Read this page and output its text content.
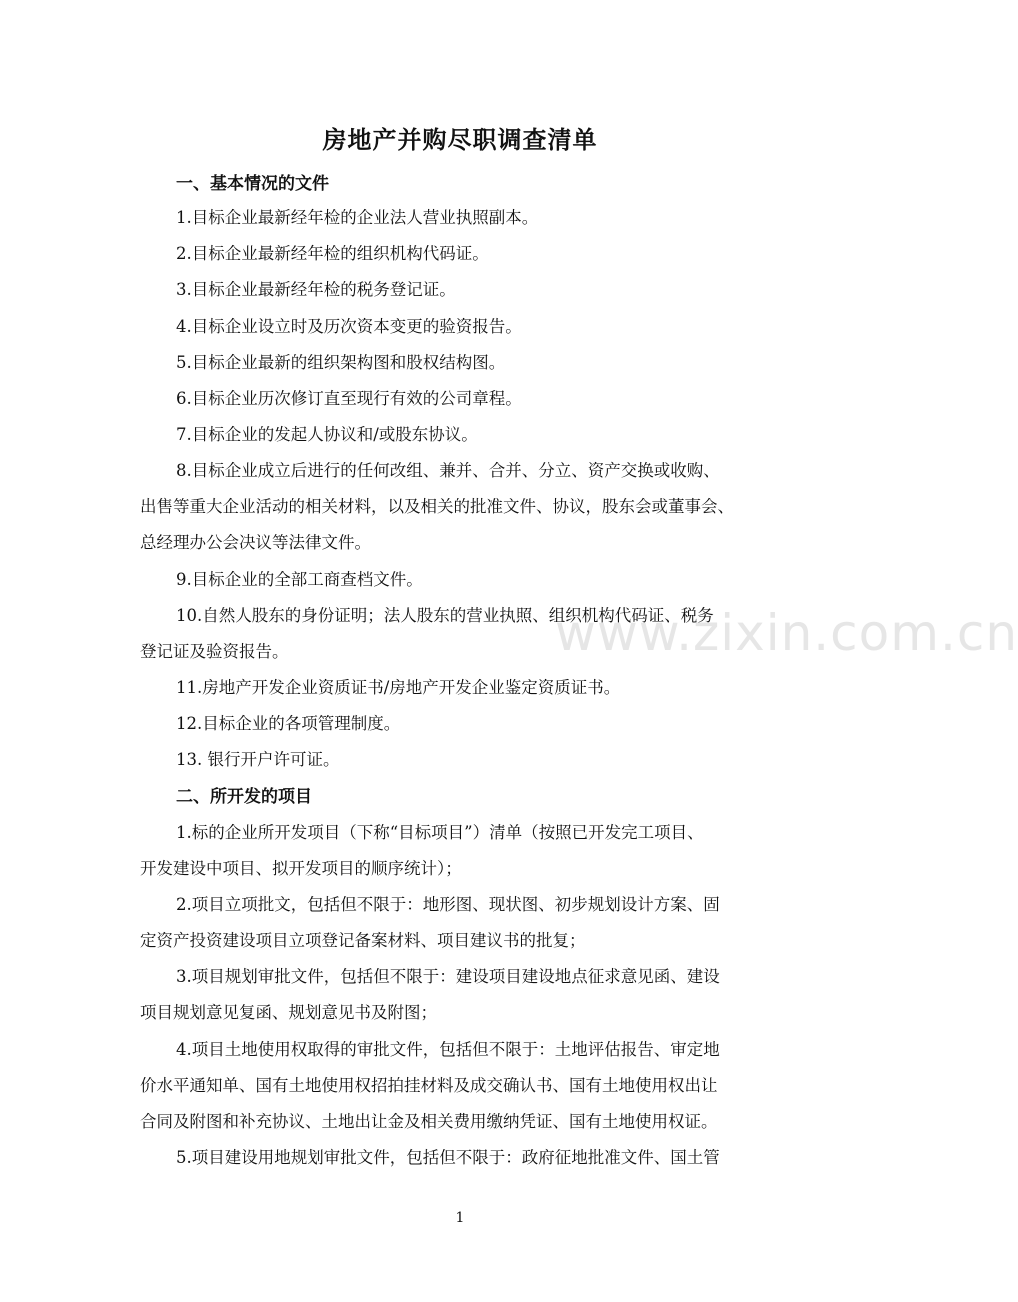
房地产并购尽职调查清单
一、基本情况的文件
1.目标企业最新经年检的企业法人营业执照副本。
2.目标企业最新经年检的组织机构代码证。
3.目标企业最新经年检的税务登记证。
4.目标企业设立时及历次资本变更的验资报告。
5.目标企业最新的组织架构图和股权结构图。
6.目标企业历次修订直至现行有效的公司章程。
7.目标企业的发起人协议和/或股东协议。
8.目标企业成立后进行的任何改组、兼并、合并、分立、资产交换或收购、
出售等重大企业活动的相关材料，以及相关的批准文件、协议，股东会或董事会、
总经理办公会决议等法律文件。
9.目标企业的全部工商查档文件。
10.自然人股东的身份证明；法人股东的营业执照、组织机构代码证、税务
登记证及验资报告。
11.房地产开发企业资质证书/房地产开发企业鉴定资质证书。
12.目标企业的各项管理制度。
13. 银行开户许可证。
二、所开发的项目
1.标的企业所开发项目（下称“目标项目”）清单（按照已开发完工项目、
开发建设中项目、拟开发项目的顺序统计）；
2.项目立项批文，包括但不限于：地形图、现状图、初步规划设计方案、固
定资产投资建设项目立项登记备案材料、项目建议书的批复；
3.项目规划审批文件，包括但不限于：建设项目建设地点征求意见函、建设
项目规划意见复函、规划意见书及附图；
4.项目土地使用权取得的审批文件，包括但不限于：土地评估报告、审定地
价水平通知单、国有土地使用权招拍挂材料及成交确认书、国有土地使用权出让
合同及附图和补充协议、土地出让金及相关费用缴纳凭证、国有土地使用权证。
5.项目建设用地规划审批文件，包括但不限于：政府征地批准文件、国土管
www.zixin.com.cn
1
